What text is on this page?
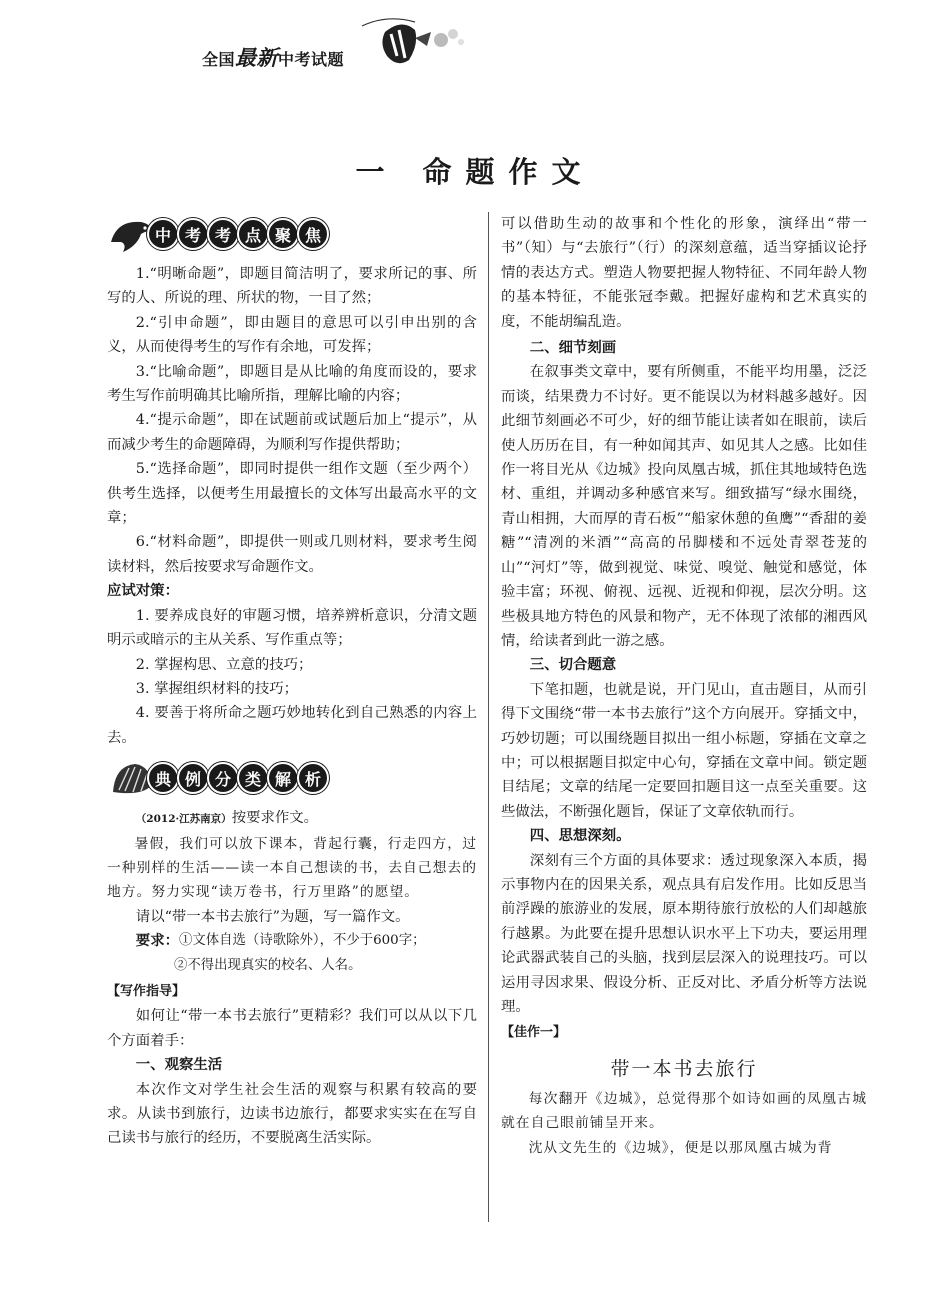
全国最新中考试题
一 命题作文
中 考 考 点 聚 焦

1.“明晰命题”，即题目简洁明了，要求所记的事、所写的人、所说的理、所状的物，一目了然；

2.“引申命题”，即由题目的意思可以引申出别的含义，从而使得考生的写作有余地，可发挥；

3.“比喻命题”，即题目是从比喻的角度而设的，要求考生写作前明确其比喻所指，理解比喻的内容；

4.“提示命题”，即在试题前或试题后加上“提示”，从而减少考生的命题障碍，为顺利写作提供帮助；

5.“选择命题”，即同时提供一组作文题（至少两个）供考生选择，以便考生用最擅长的文体写出最高水平的文章；

6.“材料命题”，即提供一则或几则材料，要求考生阅读材料，然后按要求写命题作文。

应试对策：

1. 要养成良好的审题习惯，培养辨析意识，分清文题明示或暗示的主从关系、写作重点等；

2. 掌握构思、立意的技巧；

3. 掌握组织材料的技巧；

4. 要善于将所命之题巧妙地转化到自己熟悉的内容上去。

典 例 分 类 解 析

（2012·江苏南京）按要求作文。

暑假，我们可以放下课本，背起行囊，行走四方，过一种别样的生活——读一本自己想读的书，去自己想去的地方。努力实现“读万卷书，行万里路”的愿望。

请以“带一本书去旅行”为题，写一篇作文。

要求： ①文体自选（诗歌除外），不少于600字；

②不得出现真实的校名、人名。

【写作指导】

如何让“带一本书去旅行”更精彩？我们可以从以下几个方面着手：

一、观察生活

本次作文对学生社会生活的观察与积累有较高的要求。从读书到旅行，边读书边旅行，都要求实实在在写自己读书与旅行的经历，不要脱离生活实际。

可以借助生动的故事和个性化的形象，演绎出“带一书”（知）与“去旅行”（行）的深刻意蕴，适当穿插议论抒情的表达方式。塑造人物要把握人物特征、不同年龄人物的基本特征，不能张冠李戴。把握好虚构和艺术真实的度，不能胡编乱造。

二、细节刻画

在叙事类文章中，要有所侧重，不能平均用墨，泛泛而谈，结果费力不讨好。更不能误以为材料越多越好。因此细节刻画必不可少，好的细节能让读者如在眼前，读后使人历历在目，有一种如闻其声、如见其人之感。比如佳作一将目光从《边城》投向凤凰古城，抓住其地域特色选材、重组，并调动多种感官来写。细致描写“绿水围绕，青山相拥，大而厚的青石板”“船家休憩的鱼鹰”“香甜的姜糖”“清冽的米酒”“高高的吊脚楼和不远处青翠苍茏的山”“河灯”等，做到视觉、味觉、嗅觉、触觉和感觉，体验丰富；环视、俯视、远视、近视和仰视，层次分明。这些极具地方特色的风景和物产，无不体现了浓郁的湘西风情，给读者到此一游之感。

三、切合题意

下笔扣题，也就是说，开门见山，直击题目，从而引得下文围绕“带一本书去旅行”这个方向展开。穿插文中，巧妙切题；可以围绕题目拟出一组小标题，穿插在文章之中；可以根据题目拟定中心句，穿插在文章中间。锁定题目结尾；文章的结尾一定要回扣题目这一点至关重要。这些做法，不断强化题旨，保证了文章依轨而行。

四、思想深刻。

深刻有三个方面的具体要求：透过现象深入本质，揭示事物内在的因果关系，观点具有启发作用。比如反思当前浮躁的旅游业的发展，原本期待旅行放松的人们却越旅行越累。为此要在提升思想认识水平上下功夫，要运用理论武器武装自己的头脑，找到层层深入的说理技巧。可以运用寻因求果、假设分析、正反对比、矛盾分析等方法说理。

【佳作一】

带一本书去旅行

每次翻开《边城》，总觉得那个如诗如画的凤凰古城就在自己眼前铺呈开来。

沈从文先生的《边城》，便是以那凤凰古城为背
